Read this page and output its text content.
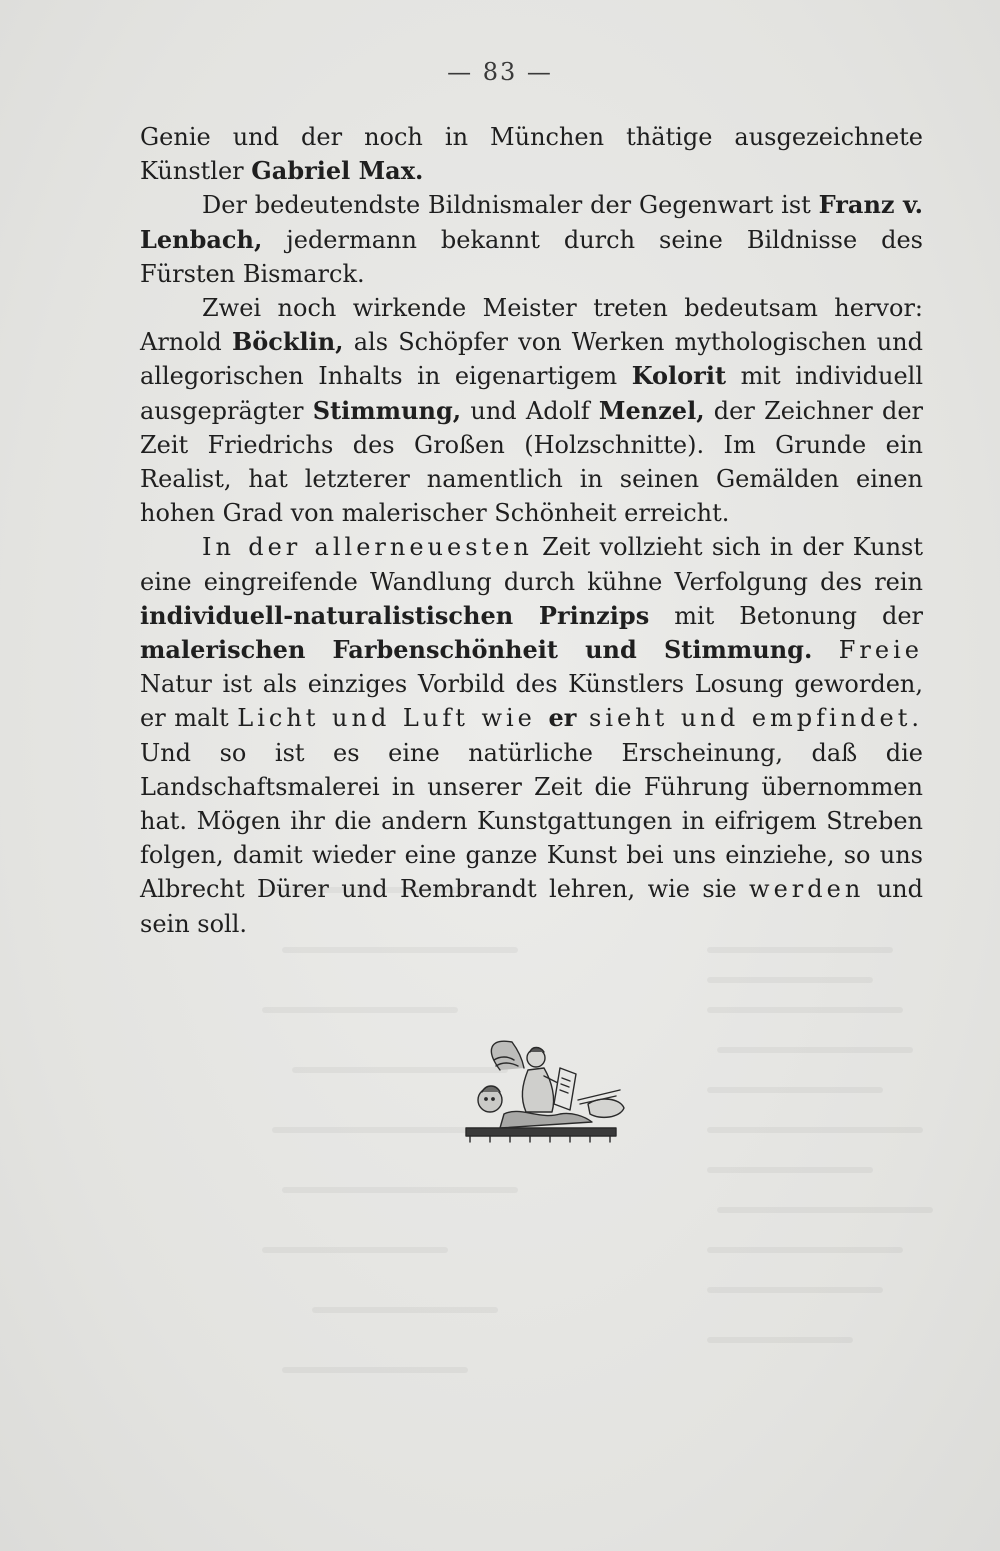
— 83 —

Genie und der noch in München thätige ausgezeichnete Künstler Gabriel Max.

Der bedeutendste Bildnismaler der Gegenwart ist Franz v. Lenbach, jedermann bekannt durch seine Bildnisse des Fürsten Bismarck.

Zwei noch wirkende Meister treten bedeutsam hervor: Arnold Böcklin, als Schöpfer von Werken mythologischen und allegorischen Inhalts in eigenartigem Kolorit mit individuell ausgeprägter Stimmung, und Adolf Menzel, der Zeichner der Zeit Friedrichs des Großen (Holzschnitte). Im Grunde ein Realist, hat letzterer namentlich in seinen Gemälden einen hohen Grad von malerischer Schönheit erreicht.

In der allerneuesten Zeit vollzieht sich in der Kunst eine eingreifende Wandlung durch kühne Verfolgung des rein individuell-naturalistischen Prinzips mit Betonung der malerischen Farbenschönheit und Stimmung. Freie Natur ist als einziges Vorbild des Künstlers Losung geworden, er malt Licht und Luft wie er sieht und empfindet. Und so ist es eine natürliche Erscheinung, daß die Landschaftsmalerei in unserer Zeit die Führung übernommen hat. Mögen ihr die andern Kunstgattungen in eifrigem Streben folgen, damit wieder eine ganze Kunst bei uns einziehe, so uns Albrecht Dürer und Rembrandt lehren, wie sie werden und sein soll.
